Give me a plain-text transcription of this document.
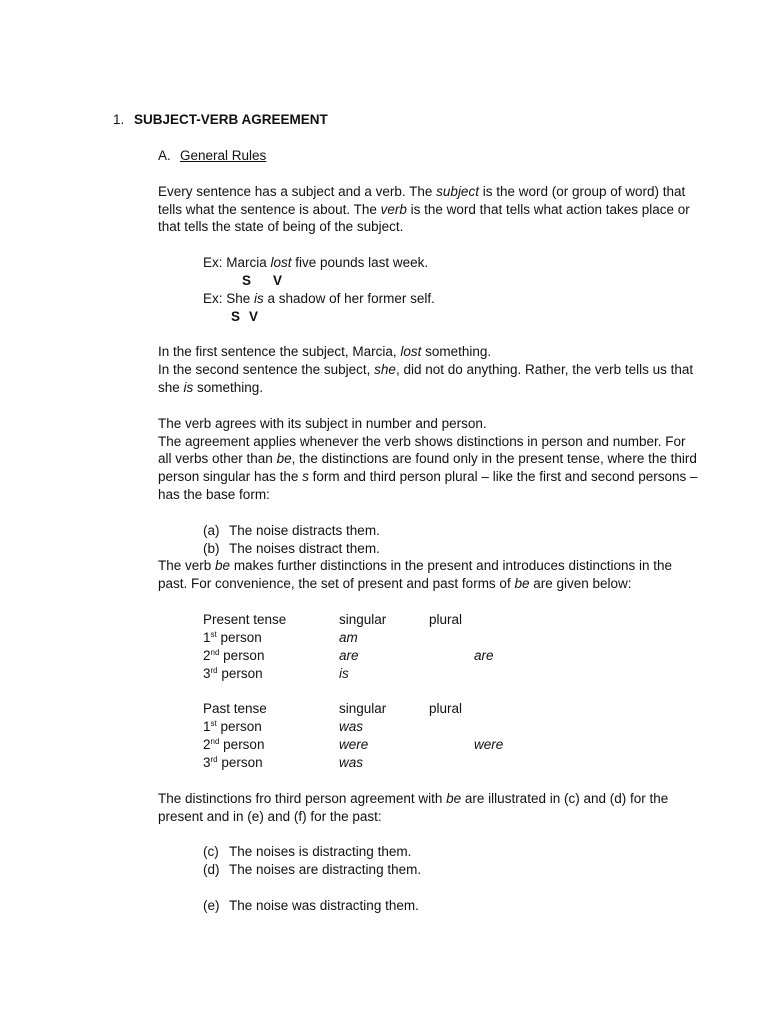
1. SUBJECT-VERB AGREEMENT
A. General Rules
Every sentence has a subject and a verb. The subject is the word (or group of word) that
tells what the sentence is about. The verb is the word that tells what action takes place or
that tells the state of being of the subject.
Ex: Marcia lost five pounds last week.
S V
Ex: She is a shadow of her former self.
S V
In the first sentence the subject, Marcia, lost something.
In the second sentence the subject, she, did not do anything. Rather, the verb tells us that
she is something.
The verb agrees with its subject in number and person.
The agreement applies whenever the verb shows distinctions in person and number. For
all verbs other than be, the distinctions are found only in the present tense, where the third
person singular has the s form and third person plural – like the first and second persons –
has the base form:
(a) The noise distracts them.
(b) The noises distract them.
The verb be makes further distinctions in the present and introduces distinctions in the
past. For convenience, the set of present and past forms of be are given below:
Present tense	singular	plural
1st person	am
2nd person	are	are
3rd person	is
Past tense	singular	plural
1st person	was
2nd person	were	were
3rd person	was
The distinctions fro third person agreement with be are illustrated in (c) and (d) for the
present and in (e) and (f) for the past:
(c) The noises is distracting them.
(d) The noises are distracting them.
(e) The noise was distracting them.
